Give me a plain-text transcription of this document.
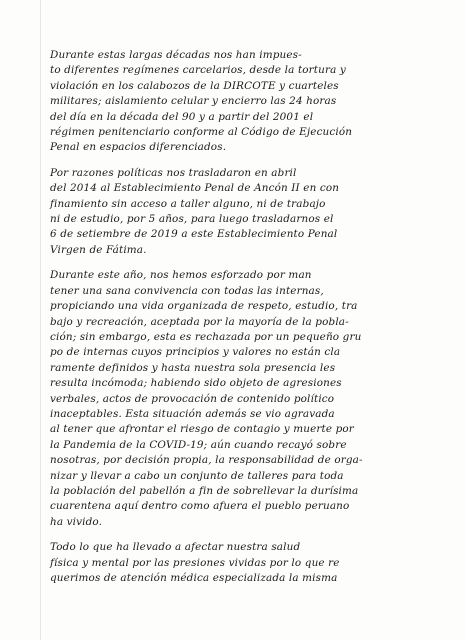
Durante estas largas décadas nos han impues-
to diferentes regímenes carcelarios, desde la tortura y
violación en los calabozos de la DIRCOTE y cuarteles
militares; aislamiento celular y encierro las 24 horas
del día en la década del 90 y a partir del 2001 el
régimen penitenciario conforme al Código de Ejecución
Penal en espacios diferenciados.

Por razones políticas nos trasladaron en abril
del 2014 al Establecimiento Penal de Ancón II en con
finamiento sin acceso a taller alguno, ni de trabajo
ni de estudio, por 5 años, para luego trasladarnos el
6 de setiembre de 2019 a este Establecimiento Penal
Virgen de Fátima.

Durante este año, nos hemos esforzado por man
tener una sana convivencia con todas las internas,
propiciando una vida organizada de respeto, estudio, tra
bajo y recreación, aceptada por la mayoría de la pobla-
ción; sin embargo, esta es rechazada por un pequeño gru
po de internas cuyos principios y valores no están cla
ramente definidos y hasta nuestra sola presencia les
resulta incómoda; habiendo sido objeto de agresiones
verbales, actos de provocación de contenido político
inaceptables. Esta situación además se vio agravada
al tener que afrontar el riesgo de contagio y muerte por
la Pandemia de la COVID-19; aún cuando recayó sobre
nosotras, por decisión propia, la responsabilidad de orga-
nizar y llevar a cabo un conjunto de talleres para toda
la población del pabellón a fin de sobrellevar la durísima
cuarentena aquí dentro como afuera el pueblo peruano
ha vivido.

Todo lo que ha llevado a afectar nuestra salud
física y mental por las presiones vividas por lo que re
querimos de atención médica especializada la misma
